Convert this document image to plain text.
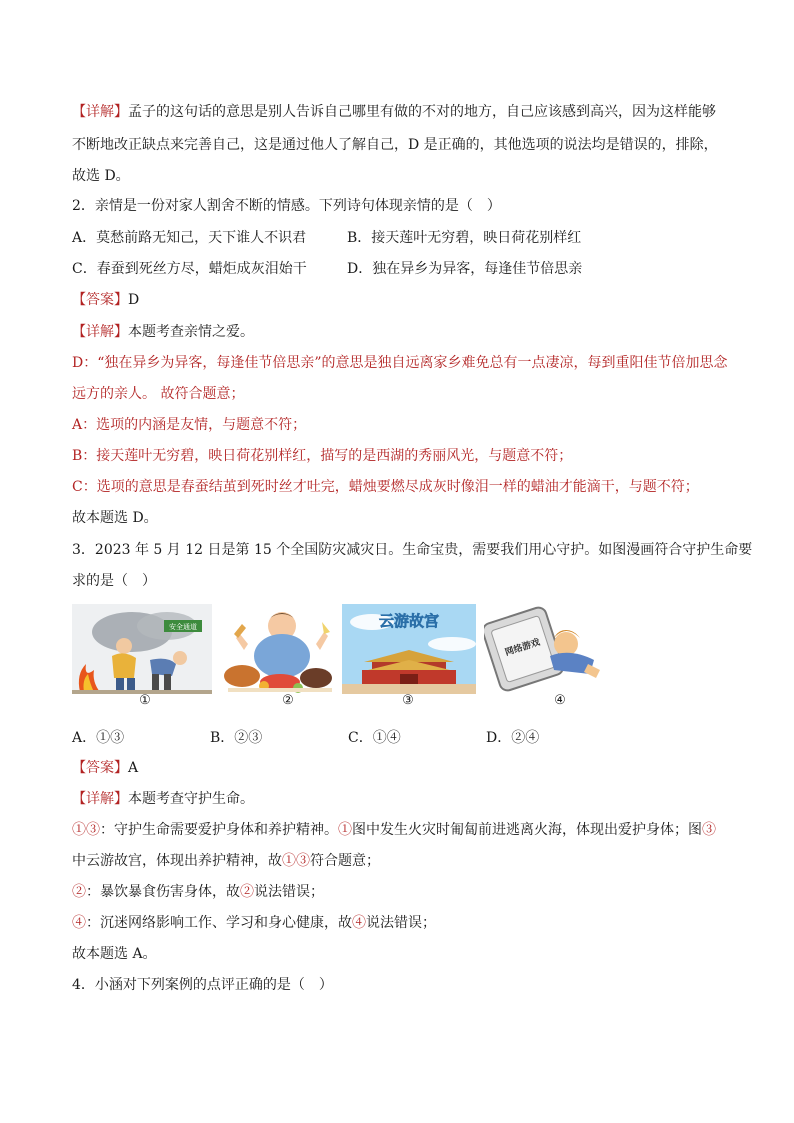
【详解】孟子的这句话的意思是别人告诉自己哪里有做的不对的地方，自己应该感到高兴，因为这样能够
不断地改正缺点来完善自己，这是通过他人了解自己，D 是正确的，其他选项的说法均是错误的，排除，
故选 D。
2．亲情是一份对家人割舍不断的情感。下列诗句体现亲情的是（　）
A．莫愁前路无知己，天下谁人不识君	B．接天莲叶无穷碧，映日荷花别样红
C．春蚕到死丝方尽，蜡炬成灰泪始干	D．独在异乡为异客，每逢佳节倍思亲
【答案】D
【详解】本题考查亲情之爱。
D：“独在异乡为异客，每逢佳节倍思亲”的意思是独自远离家乡难免总有一点凄凉，每到重阳佳节倍加思念
远方的亲人。 故符合题意；
A：选项的内涵是友情，与题意不符；
B：接天莲叶无穷碧，映日荷花别样红，描写的是西湖的秀丽风光，与题意不符；
C：选项的意思是春蚕结茧到死时丝才吐完，蜡烛要燃尽成灰时像泪一样的蜡油才能滴干，与题不符；
故本题选 D。
3．2023 年 5 月 12 日是第 15 个全国防灾减灾日。生命宝贵，需要我们用心守护。如图漫画符合守护生命要
求的是（　）
安全通道
①	②
云游故宫
③
网络游戏
④
A．①③	B．②③	C．①④	D．②④
【答案】A
【详解】本题考查守护生命。
①③：守护生命需要爱护身体和养护精神。①图中发生火灾时匍匐前进逃离火海，体现出爱护身体；图③
中云游故宫，体现出养护精神，故①③符合题意；
②：暴饮暴食伤害身体，故②说法错误；
④：沉迷网络影响工作、学习和身心健康，故④说法错误；
故本题选 A。
4．小涵对下列案例的点评正确的是（　）
